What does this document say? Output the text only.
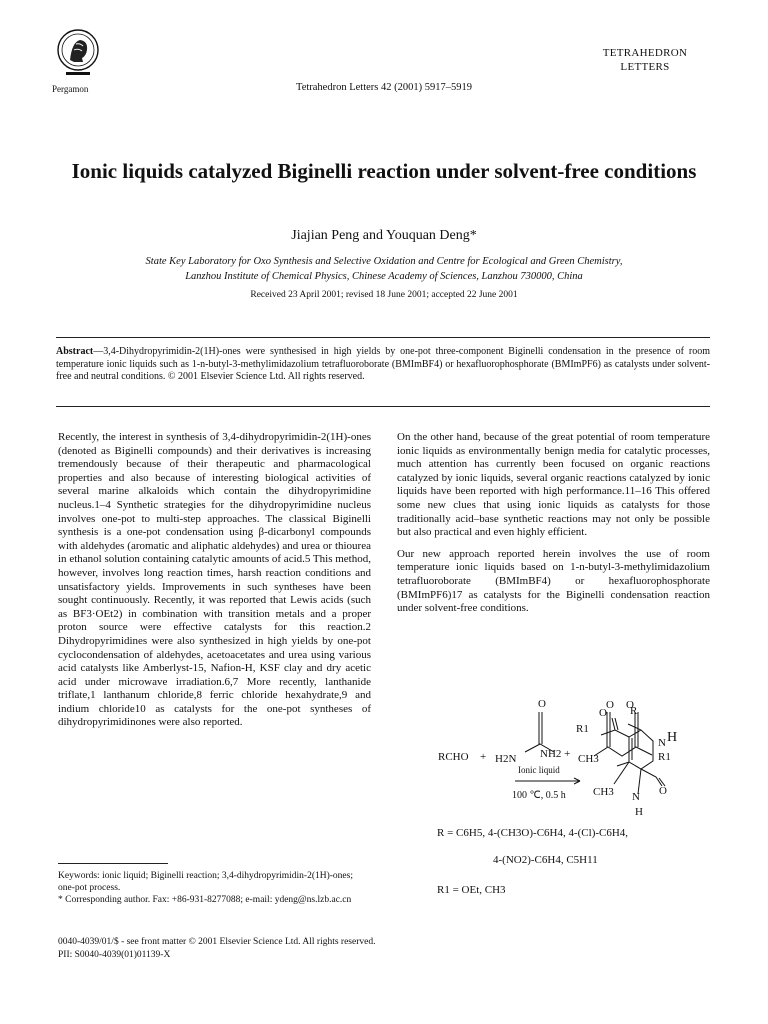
Pergamon	Tetrahedron Letters 42 (2001) 5917–5919
TETRAHEDRON
LETTERS
Ionic liquids catalyzed Biginelli reaction under solvent-free conditions
Jiajian Peng and Youquan Deng*
State Key Laboratory for Oxo Synthesis and Selective Oxidation and Centre for Ecological and Green Chemistry,
Lanzhou Institute of Chemical Physics, Chinese Academy of Sciences, Lanzhou 730000, China
Received 23 April 2001; revised 18 June 2001; accepted 22 June 2001
Abstract—3,4-Dihydropyrimidin-2(1H)-ones were synthesised in high yields by one-pot three-component Biginelli condensation in the presence of room temperature ionic liquids such as 1-n-butyl-3-methylimidazolium tetrafluoroborate (BMImBF4) or hexafluorophosphorate (BMImPF6) as catalysts under solvent-free and neutral conditions. © 2001 Elsevier Science Ltd. All rights reserved.

Recently, the interest in synthesis of 3,4-dihydropyrimidin-2(1H)-ones (denoted as Biginelli compounds) and their derivatives is increasing tremendously because of their therapeutic and pharmacological properties and also because of interesting biological activities of several marine alkaloids which contain the dihydropyrimidine nucleus.1–4 Synthetic strategies for the dihydropyrimidine nucleus involves one-pot to multi-step approaches. The classical Biginelli synthesis is a one-pot condensation using β-dicarbonyl compounds with aldehydes (aromatic and aliphatic aldehydes) and urea or thiourea in ethanol solution containing catalytic amounts of acid.5 This method, however, involves long reaction times, harsh reaction conditions and unsatisfactory yields. Improvements in such syntheses have been sought continuously. Recently, it was reported that Lewis acids (such as BF3·OEt2) in combination with transition metals and a proper proton source were effective catalysts for this reaction.2 Dihydropyrimidines were also synthesized in high yields by one-pot cyclocondensation of aldehydes, acetoacetates and urea using various acid catalysts like Amberlyst-15, Nafion-H, KSF clay and dry acetic acid under microwave irradiation.6,7 More recently, lanthanide triflate,1 lanthanum chloride,8 ferric chloride hexahydrate,9 and indium chloride10 as catalysts for the one-pot syntheses of dihydropyrimidinones were also reported.

On the other hand, because of the great potential of room temperature ionic liquids as environmentally benign media for catalytic processes, much attention has currently been focused on organic reactions catalyzed by ionic liquids, several organic reactions catalyzed by ionic liquids have been reported with high performance.11–16 This offered some new clues that using ionic liquids as catalysts for those traditionally acid–base synthetic reactions may not only be possible but also practical and even highly efficient.

Our new approach reported herein involves the use of room temperature ionic liquids based on 1-n-butyl-3-methylimidazolium tetrafluoroborate (BMImBF4) or hexafluorophosphorate (BMImPF6)17 as catalysts for the Biginelli condensation reaction under solvent-free conditions.

RCHO + H2N NH2 +
O
CH3
O O
R1
Ionic liquid
100 ℃, 0.5 h
R
R1
O
N H
N
H
O
CH3
R = C6H5, 4-(CH3O)-C6H4, 4-(Cl)-C6H4,
4-(NO2)-C6H4, C5H11
R1 = OEt, CH3

Keywords: ionic liquid; Biginelli reaction; 3,4-dihydropyrimidin-2(1H)-ones; one-pot process.

* Corresponding author. Fax: +86-931-8277088; e-mail: ydeng@ns.lzb.ac.cn

0040-4039/01/$ - see front matter © 2001 Elsevier Science Ltd. All rights reserved.
PII: S0040-4039(01)01139-X
